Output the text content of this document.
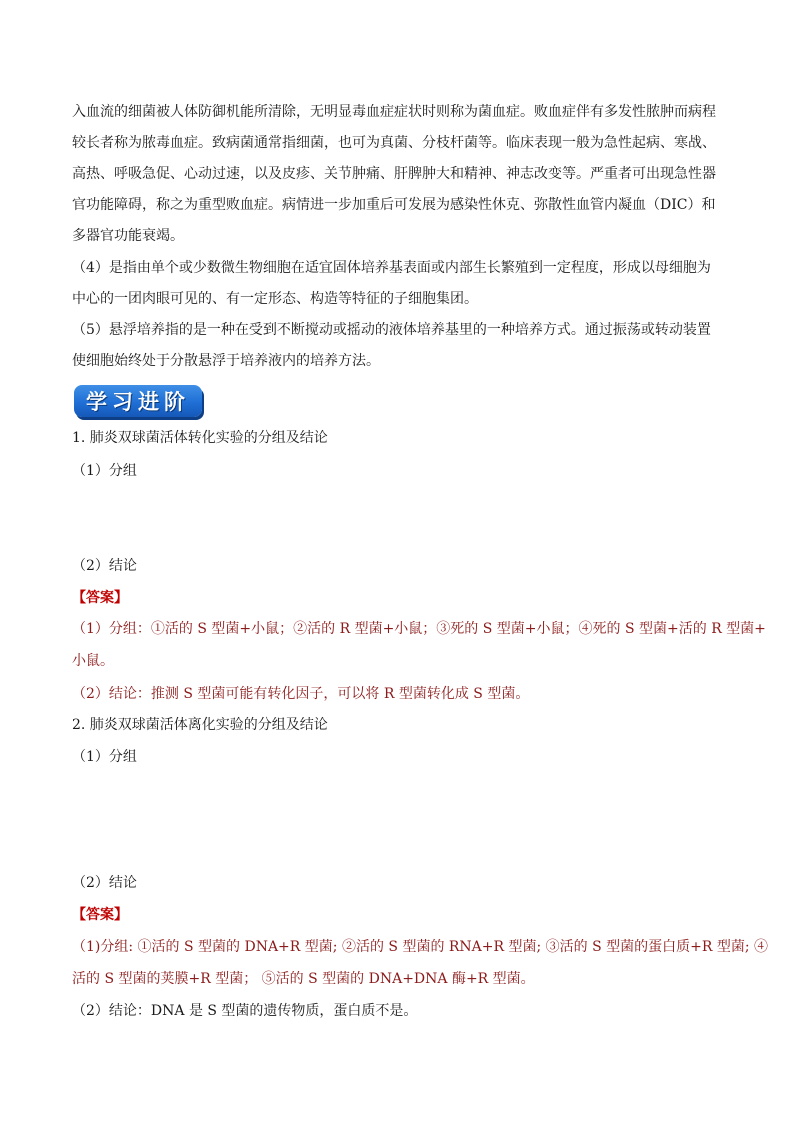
入血流的细菌被人体防御机能所清除，无明显毒血症症状时则称为菌血症。败血症伴有多发性脓肿而病程较长者称为脓毒血症。致病菌通常指细菌，也可为真菌、分枝杆菌等。临床表现一般为急性起病、寒战、高热、呼吸急促、心动过速，以及皮疹、关节肿痛、肝脾肿大和精神、神志改变等。严重者可出现急性器官功能障碍，称之为重型败血症。病情进一步加重后可发展为感染性休克、弥散性血管内凝血（DIC）和多器官功能衰竭。

（4）是指由单个或少数微生物细胞在适宜固体培养基表面或内部生长繁殖到一定程度，形成以母细胞为中心的一团肉眼可见的、有一定形态、构造等特征的子细胞集团。

（5）悬浮培养指的是一种在受到不断搅动或摇动的液体培养基里的一种培养方式。通过振荡或转动装置使细胞始终处于分散悬浮于培养液内的培养方法。

学习进阶

1. 肺炎双球菌活体转化实验的分组及结论

（1）分组

（2）结论

【答案】

（1）分组：①活的 S 型菌+小鼠；②活的 R 型菌+小鼠；③死的 S 型菌+小鼠；④死的 S 型菌+活的 R 型菌+

小鼠。

（2）结论：推测 S 型菌可能有转化因子，可以将 R 型菌转化成 S 型菌。

2. 肺炎双球菌活体离化实验的分组及结论

（1）分组

（2）结论

【答案】

（1)分组: ①活的 S 型菌的 DNA+R 型菌; ②活的 S 型菌的 RNA+R 型菌; ③活的 S 型菌的蛋白质+R 型菌; ④

活的 S 型菌的荚膜+R 型菌； ⑤活的 S 型菌的 DNA+DNA 酶+R 型菌。

（2）结论：DNA 是 S 型菌的遗传物质，蛋白质不是。
